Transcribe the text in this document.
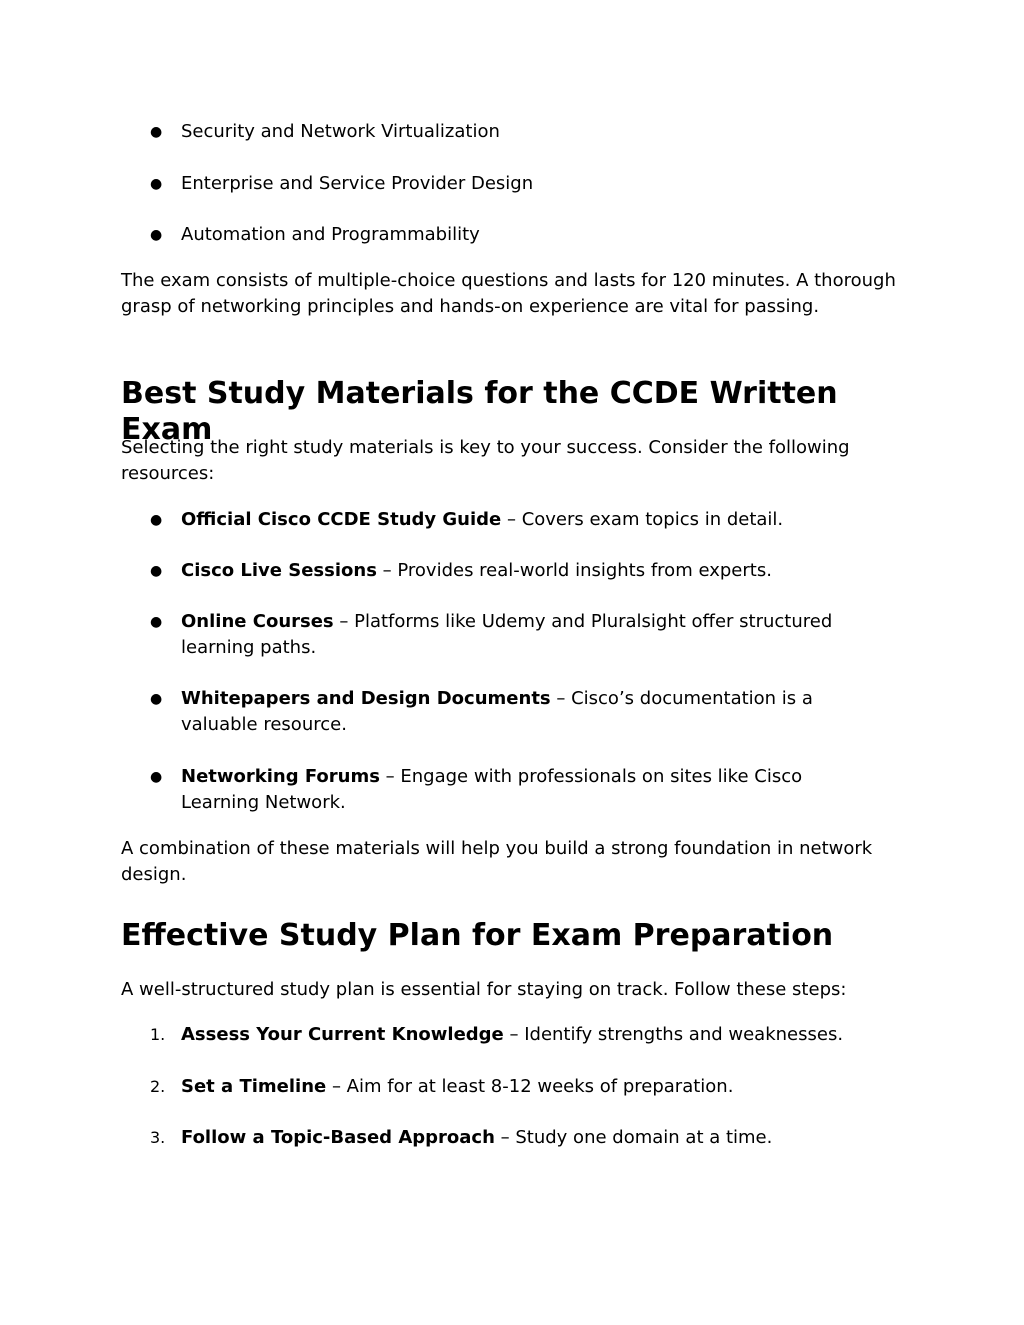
●	Security and Network Virtualization
●	Enterprise and Service Provider Design
●	Automation and Programmability

The exam consists of multiple-choice questions and lasts for 120 minutes. A thorough grasp of networking principles and hands-on experience are vital for passing.

Best Study Materials for the CCDE Written Exam

Selecting the right study materials is key to your success. Consider the following resources:

●	Official Cisco CCDE Study Guide – Covers exam topics in detail.
●	Cisco Live Sessions – Provides real-world insights from experts.
●	Online Courses – Platforms like Udemy and Pluralsight offer structured learning paths.
●	Whitepapers and Design Documents – Cisco’s documentation is a valuable resource.
●	Networking Forums – Engage with professionals on sites like Cisco Learning Network.

A combination of these materials will help you build a strong foundation in network design.

Effective Study Plan for Exam Preparation

A well-structured study plan is essential for staying on track. Follow these steps:

1. Assess Your Current Knowledge – Identify strengths and weaknesses.
2. Set a Timeline – Aim for at least 8-12 weeks of preparation.
3. Follow a Topic-Based Approach – Study one domain at a time.
